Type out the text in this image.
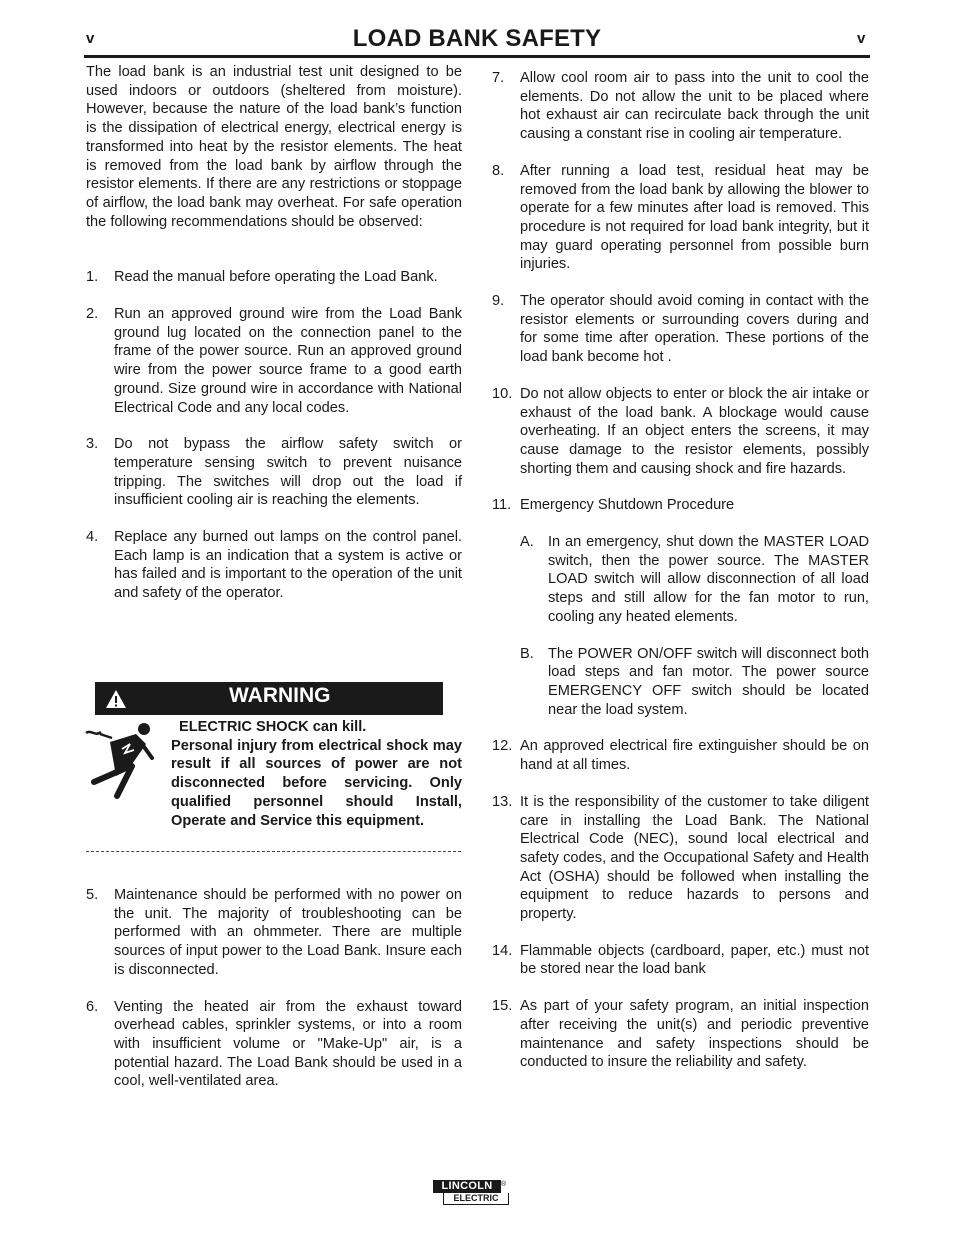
v	LOAD BANK SAFETY	v

The load bank is an industrial test unit designed to be used indoors or outdoors (sheltered from moisture). However, because the nature of the load bank’s function is the dissipation of electrical energy, electrical energy is transformed into heat by the resistor elements. The heat is removed from the load bank by airflow through the resistor elements. If there are any restrictions or stoppage of airflow, the load bank may overheat. For safe operation the following recommendations should be observed:

1.	Read the manual before operating the Load Bank.
2.	Run an approved ground wire from the Load Bank ground lug located on the connection panel to the frame of the power source. Run an approved ground wire from the power source frame to a good earth ground. Size ground wire in accordance with National Electrical Code and any local codes.
3.	Do not bypass the airflow safety switch or temperature sensing switch to prevent nuisance tripping. The switches will drop out the load if insufficient cooling air is reaching the elements.
4.	Replace any burned out lamps on the control panel. Each lamp is an indication that a system is active or has failed and is important to the operation of the unit and safety of the operator.
WARNING
ELECTRIC SHOCK can kill.
Personal injury from electrical shock may result if all sources of power are not disconnected before servicing. Only qualified personnel should Install, Operate and Service this equipment.
5.	Maintenance should be performed with no power on the unit. The majority of troubleshooting can be performed with an ohmmeter. There are multiple sources of input power to the Load Bank. Insure each is disconnected.
6.	Venting the heated air from the exhaust toward overhead cables, sprinkler systems, or into a room with insufficient volume or "Make-Up" air, is a potential hazard. The Load Bank should be used in a cool, well-ventilated area.
7.	Allow cool room air to pass into the unit to cool the elements. Do not allow the unit to be placed where hot exhaust air can recirculate back through the unit causing a constant rise in cooling air temperature.
8.	After running a load test, residual heat may be removed from the load bank by allowing the blower to operate for a few minutes after load is removed. This procedure is not required for load bank integrity, but it may guard operating personnel from possible burn injuries.
9.	The operator should avoid coming in contact with the resistor elements or surrounding covers during and for some time after operation. These portions of the load bank become hot .
10. Do not allow objects to enter or block the air intake or exhaust of the load bank. A blockage would cause overheating. If an object enters the screens, it may cause damage to the resistor elements, possibly shorting them and causing shock and fire hazards.
11. Emergency Shutdown Procedure
A. In an emergency, shut down the MASTER LOAD switch, then the power source. The MASTER LOAD switch will allow disconnection of all load steps and still allow for the fan motor to run, cooling any heated elements.
B. The POWER ON/OFF switch will disconnect both load steps and fan motor. The power source EMERGENCY OFF switch should be located near the load system.
12. An approved electrical fire extinguisher should be on hand at all times.
13. It is the responsibility of the customer to take diligent care in installing the Load Bank. The National Electrical Code (NEC), sound local electrical and safety codes, and the Occupational Safety and Health Act (OSHA) should be followed when installing the equipment to reduce hazards to persons and property.
14. Flammable objects (cardboard, paper, etc.) must not be stored near the load bank
15. As part of your safety program, an initial inspection after receiving the unit(s) and periodic preventive maintenance and safety inspections should be conducted to insure the reliability and safety.
LINCOLN
ELECTRIC
®
